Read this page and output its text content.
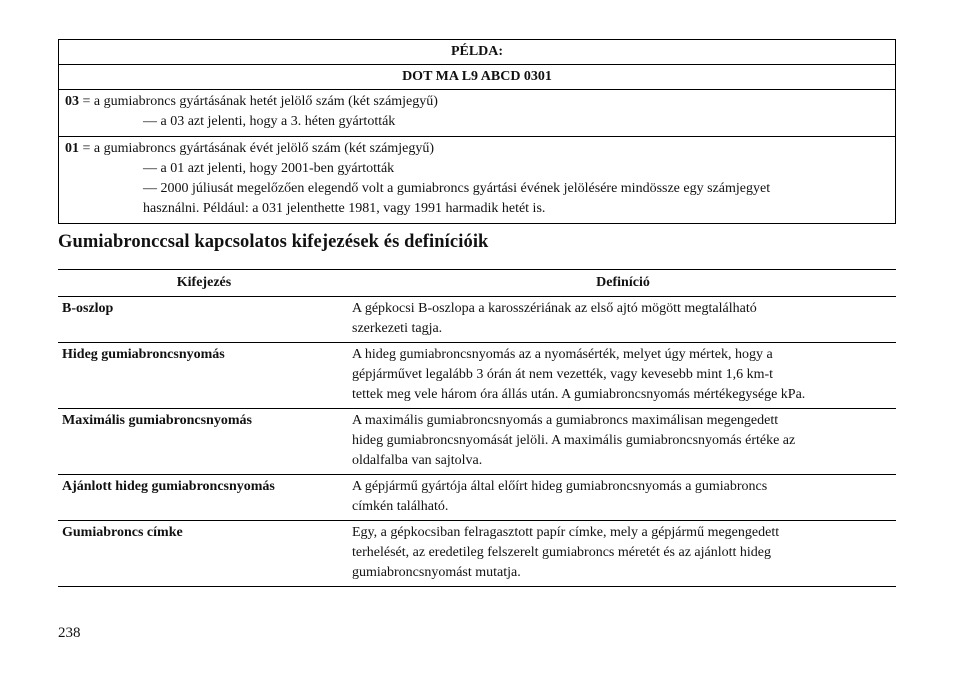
PÉLDA:
DOT MA L9 ABCD 0301
03 = a gumiabroncs gyártásának hetét jelölő szám (két számjegyű)
— a 03 azt jelenti, hogy a 3. héten gyártották
01 = a gumiabroncs gyártásának évét jelölő szám (két számjegyű)
— a 01 azt jelenti, hogy 2001-ben gyártották
— 2000 júliusát megelőzően elegendő volt a gumiabroncs gyártási évének jelölésére mindössze egy számjegyet
használni. Például: a 031 jelenthette 1981, vagy 1991 harmadik hetét is.
Gumiabronccsal kapcsolatos kifejezések és definícióik
Kifejezés	Definíció
B-oszlop	A gépkocsi B-oszlopa a karosszériának az első ajtó mögött megtalálható
szerkezeti tagja.

Hideg gumiabroncsnyomás	A hideg gumiabroncsnyomás az a nyomásérték, melyet úgy mértek, hogy a
gépjárművet legalább 3 órán át nem vezették, vagy kevesebb mint 1,6 km-t
tettek meg vele három óra állás után. A gumiabroncsnyomás mértékegysége kPa.

Maximális gumiabroncsnyomás	A maximális gumiabroncsnyomás a gumiabroncs maximálisan megengedett
hideg gumiabroncsnyomását jelöli. A maximális gumiabroncsnyomás értéke az
oldalfalba van sajtolva.

Ajánlott hideg gumiabroncsnyomás	A gépjármű gyártója által előírt hideg gumiabroncsnyomás a gumiabroncs
címkén található.

Gumiabroncs címke	Egy, a gépkocsiban felragasztott papír címke, mely a gépjármű megengedett
terhelését, az eredetileg felszerelt gumiabroncs méretét és az ajánlott hideg
gumiabroncsnyomást mutatja.
238
